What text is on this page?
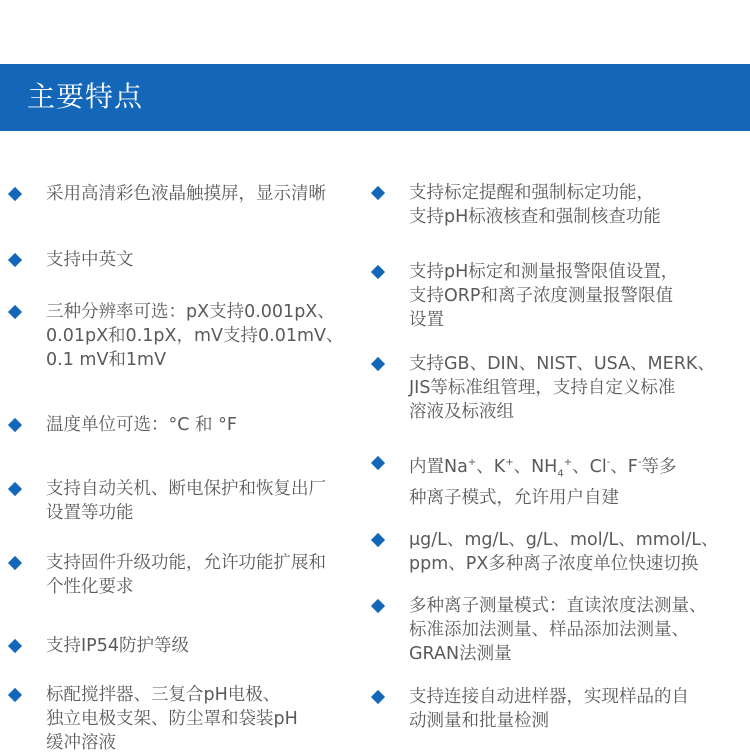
主要特点
采用高清彩色液晶触摸屏，显示清晰
支持中英文
三种分辨率可选：pX支持0.001pX、
0.01pX和0.1pX，mV支持0.01mV、
0.1 mV和1mV
温度单位可选：°C 和 °F
支持自动关机、断电保护和恢复出厂
设置等功能
支持固件升级功能，允许功能扩展和
个性化要求
支持IP54防护等级
标配搅拌器、三复合pH电极、
独立电极支架、防尘罩和袋装pH
缓冲溶液
支持标定提醒和强制标定功能，
支持pH标液核查和强制核查功能
支持pH标定和测量报警限值设置，
支持ORP和离子浓度测量报警限值
设置
支持GB、DIN、NIST、USA、MERK、
JIS等标准组管理，支持自定义标准
溶液及标液组
内置Na+、K+、$NH_4^+$、Cl-、F-等多
种离子模式，允许用户自建
μg/L、mg/L、g/L、mol/L、mmol/L、
ppm、PX多种离子浓度单位快速切换
多种离子测量模式：直读浓度法测量、
标准添加法测量、样品添加法测量、
GRAN法测量
支持连接自动进样器，实现样品的自
动测量和批量检测
